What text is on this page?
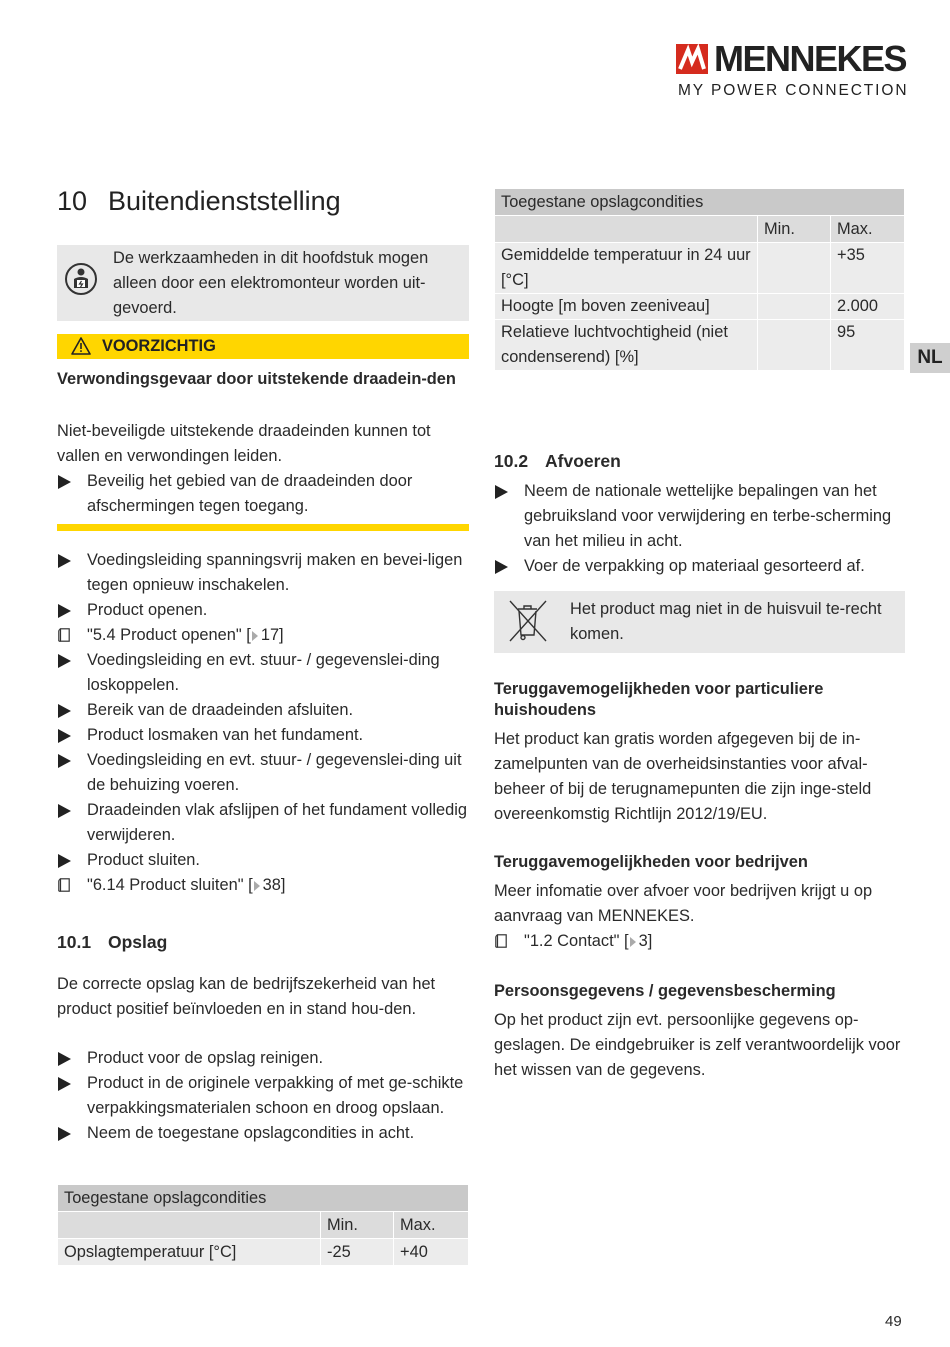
MENNEKES
MY POWER CONNECTION
10 Buitendienststelling

De werkzaamheden in dit hoofdstuk mogen alleen door een elektromonteur worden uit-gevoerd.

VOORZICHTIG

Verwondingsgevaar door uitstekende draadein-den

Niet-beveiligde uitstekende draadeinden kunnen tot vallen en verwondingen leiden.

Beveilig het gebied van de draadeinden door afschermingen tegen toegang.
Voedingsleiding spanningsvrij maken en bevei-ligen tegen opnieuw inschakelen.
Product openen.
"5.4 Product openen" [ 17]
Voedingsleiding en evt. stuur- / gegevenslei-ding loskoppelen.
Bereik van de draadeinden afsluiten.
Product losmaken van het fundament.
Voedingsleiding en evt. stuur- / gegevenslei-ding uit de behuizing voeren.
Draadeinden vlak afslijpen of het fundament volledig verwijderen.
Product sluiten.
"6.14 Product sluiten" [ 38]
10.1 Opslag

De correcte opslag kan de bedrijfszekerheid van het product positief beïnvloeden en in stand hou-den.

Product voor de opslag reinigen.
Product in de originele verpakking of met ge-schikte verpakkingsmaterialen schoon en droog opslaan.
Neem de toegestane opslagcondities in acht.
Toegestane opslagcondities		
	Min.	Max.
Opslagtemperatuur [°C]	-25	+40
Toegestane opslagcondities		
	Min.	Max.
Gemiddelde temperatuur in 24 uur [°C]		+35
Hoogte [m boven zeeniveau]		2.000
Relatieve luchtvochtigheid (niet condenserend) [%]		95
NL
10.2 Afvoeren
Neem de nationale wettelijke bepalingen van het gebruiksland voor verwijdering en terbe-scherming van het milieu in acht.
Voer de verpakking op materiaal gesorteerd af.

Het product mag niet in de huisvuil te-recht komen.

Teruggavemogelijkheden voor particuliere huishoudens

Het product kan gratis worden afgegeven bij de in-zamelpunten van de overheidsinstanties voor afval-beheer of bij de terugnamepunten die zijn inge-steld overeenkomstig Richtlijn 2012/19/EU.

Teruggavemogelijkheden voor bedrijven

Meer infomatie over afvoer voor bedrijven krijgt u op aanvraag van MENNEKES.

"1.2 Contact" [ 3]

Persoonsgegevens / gegevensbescherming

Op het product zijn evt. persoonlijke gegevens op-geslagen. De eindgebruiker is zelf verantwoordelijk voor het wissen van de gegevens.

49
